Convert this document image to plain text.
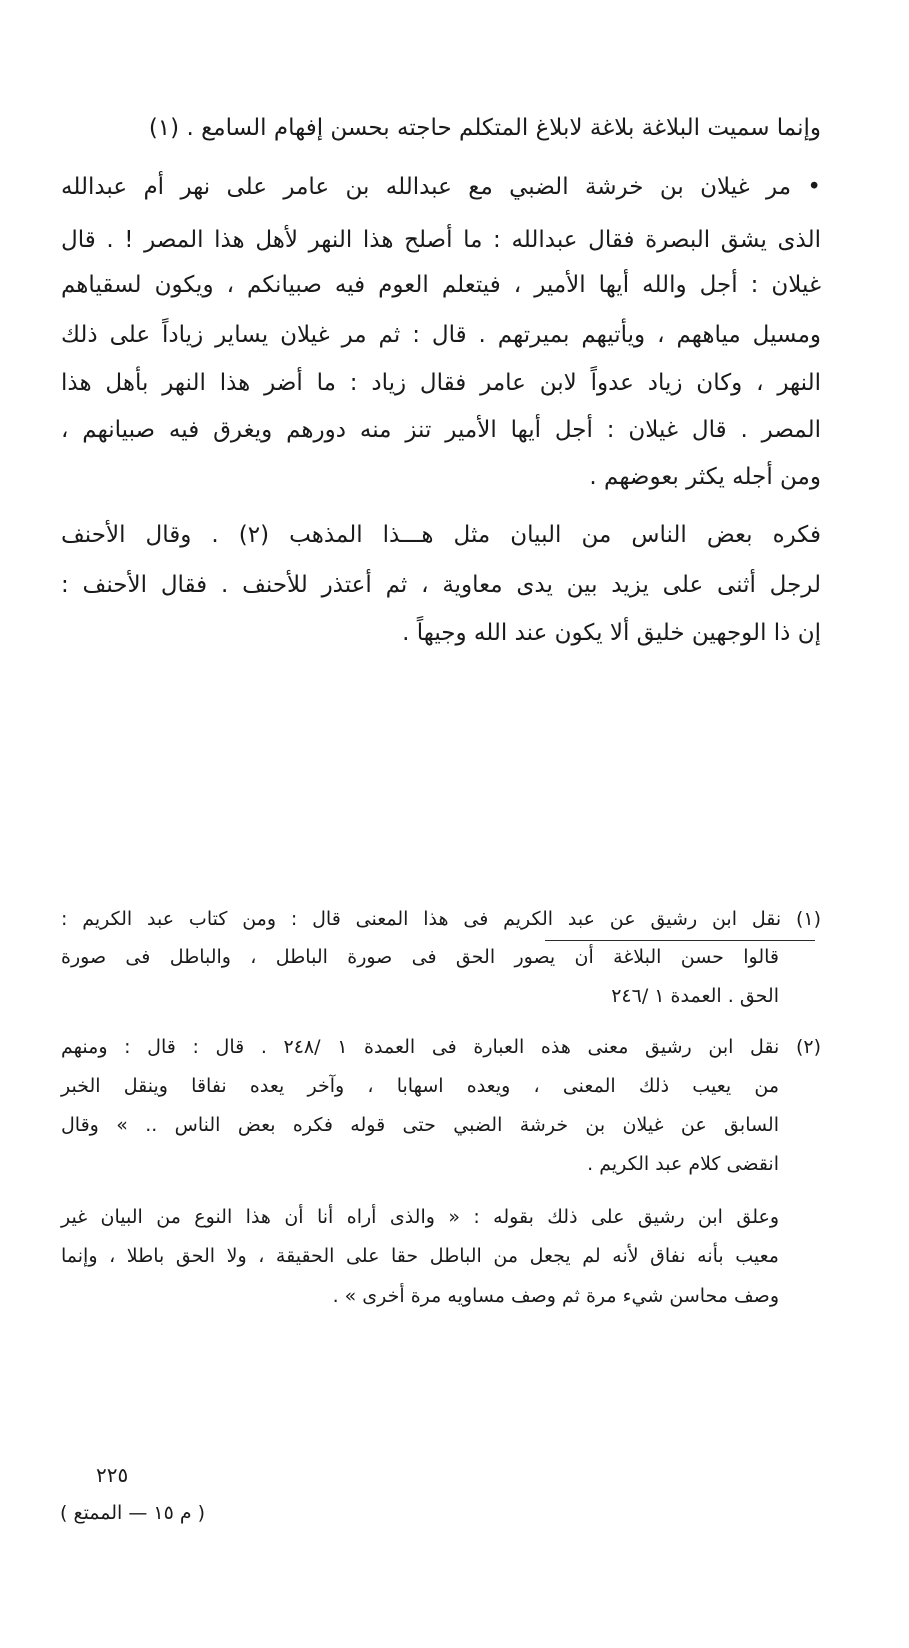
وإنما سميت البلاغة بلاغة لابلاغ المتكلم حاجته بحسن إفهام السامع . (١)
• مر غيلان بن خرشة الضبي مع عبدالله بن عامر على نهر أم عبدالله
الذى يشق البصرة فقال عبدالله : ما أصلح هذا النهر لأهل هذا المصر ! . قال
غيلان : أجل والله أيها الأمير ، فيتعلم العوم فيه صبيانكم ، ويكون لسقياهم
ومسيل مياههم ، ويأتيهم بميرتهم . قال : ثم مر غيلان يساير زياداً على ذلك
النهر ، وكان زياد عدواً لابن عامر فقال زياد : ما أضر هذا النهر بأهل هذا
المصر . قال غيلان : أجل أيها الأمير تنز منه دورهم ويغرق فيه صبيانهم ،
ومن أجله يكثر بعوضهم .
فكره بعض الناس من البيان مثل هـــذا المذهب (٢) . وقال الأحنف
لرجل أثنى على يزيد بين يدى معاوية ، ثم أعتذر للأحنف . فقال الأحنف :
إن ذا الوجهين خليق ألا يكون عند الله وجيهاً .
(١) نقل ابن رشيق عن عبد الكريم فى هذا المعنى قال : ومن كتاب عبد الكريم :
قالوا حسن البلاغة أن يصور الحق فى صورة الباطل ، والباطل فى صورة
الحق . العمدة ١ /٢٤٦
(٢) نقل ابن رشيق معنى هذه العبارة فى العمدة ١ /٢٤٨ . قال : قال : ومنهم
من يعيب ذلك المعنى ، ويعده اسهابا ، وآخر يعده نفاقا وينقل الخبر
السابق عن غيلان بن خرشة الضبي حتى قوله فكره بعض الناس .. » وقال
انقضى كلام عبد الكريم .
وعلق ابن رشيق على ذلك بقوله : « والذى أراه أنا أن هذا النوع من البيان غير
معيب بأنه نفاق لأنه لم يجعل من الباطل حقا على الحقيقة ، ولا الحق باطلا ، وإنما
وصف محاسن شيء مرة ثم وصف مساويه مرة أخرى » .
٢٢٥
( م ١٥ — الممتع )
